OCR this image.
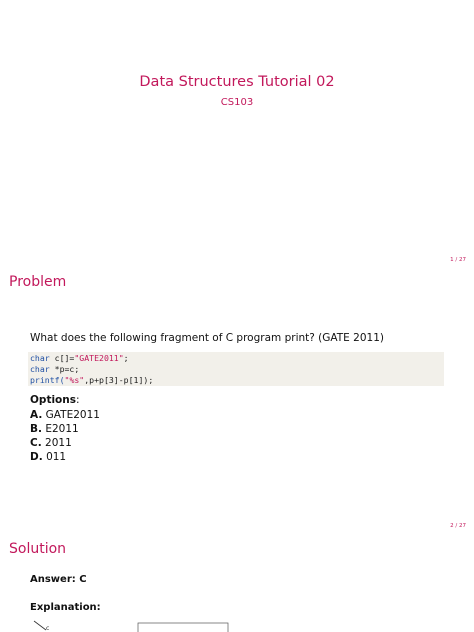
Data Structures Tutorial 02
CS103
1 / 27
Problem
What does the following fragment of C program print? (GATE 2011)
char c[]="GATE2011";
char *p=c;
printf("%s",p+p[3]-p[1]);
Options:
A. GATE2011
B. E2011
C. 2011
D. 011
2 / 27
Solution
Answer: C
Explanation:
c
